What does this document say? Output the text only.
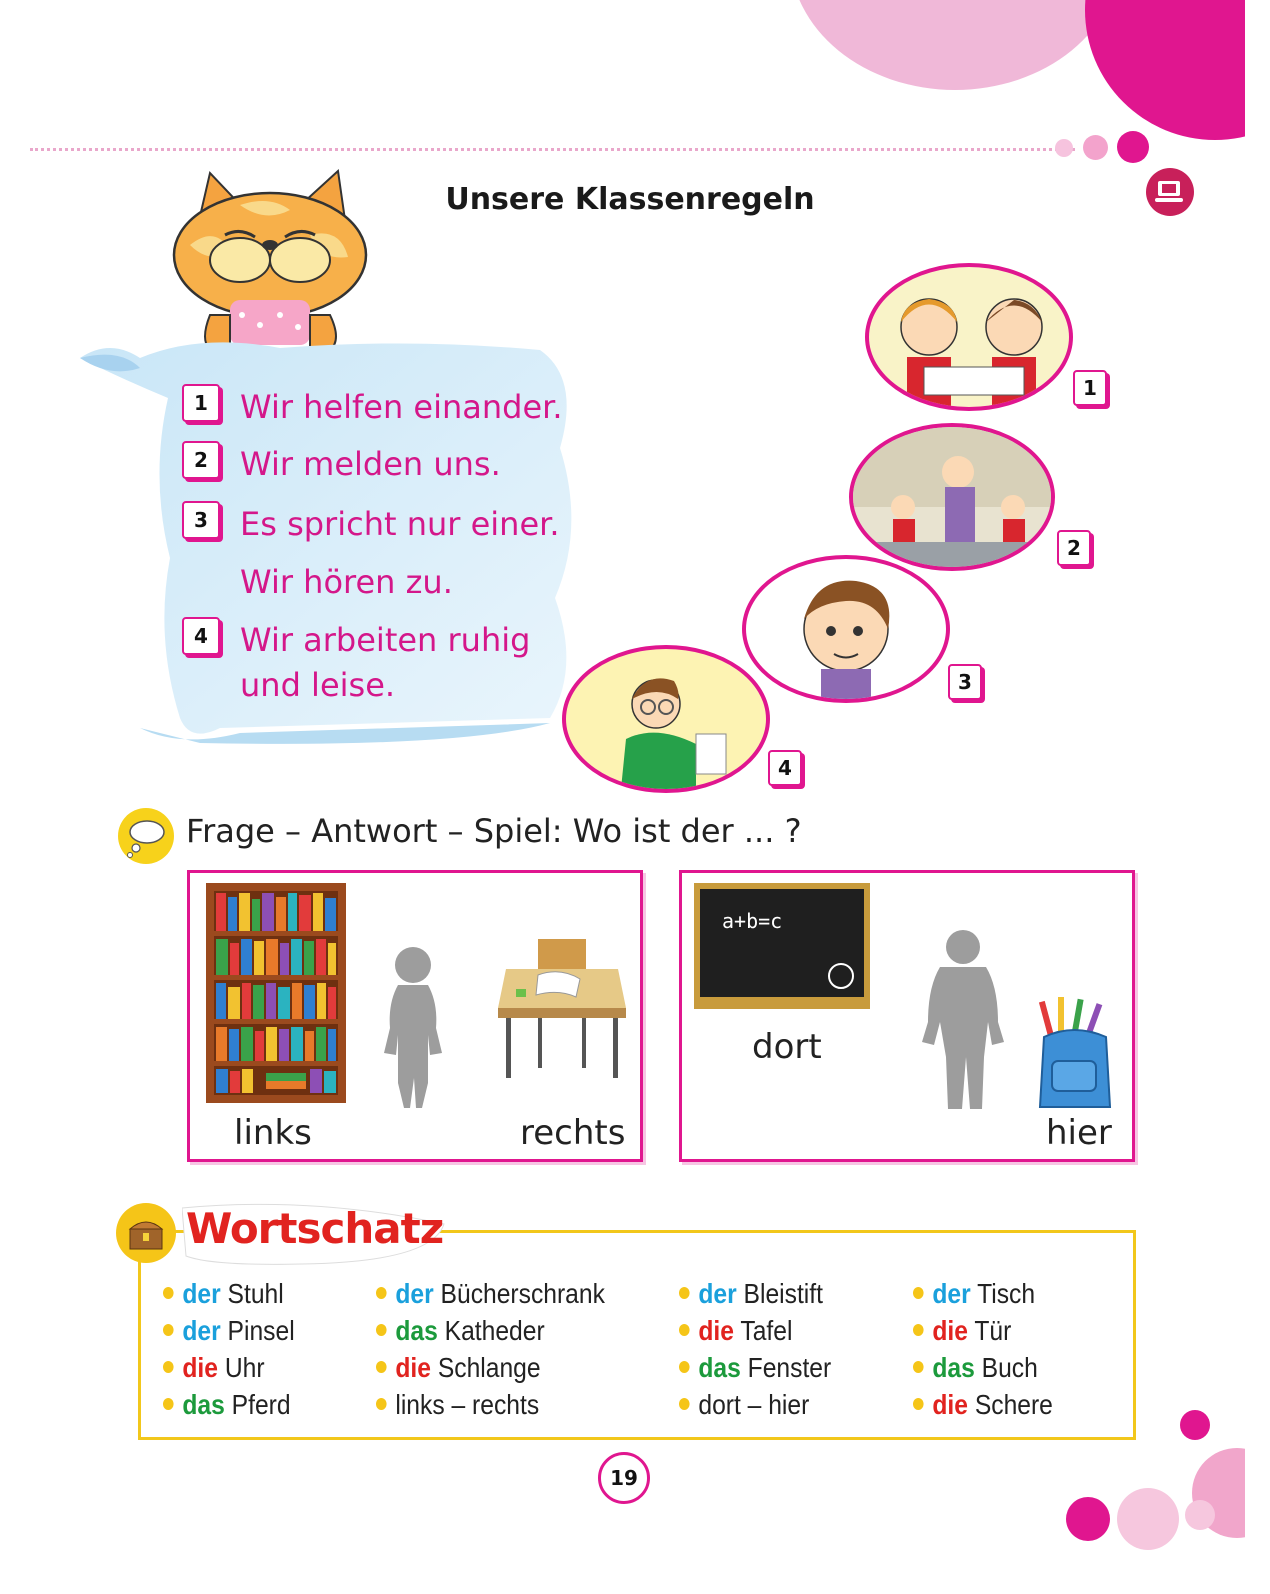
Unsere Klassenregeln
1	Wir helfen einander.
2	Wir melden uns.
3	Es spricht nur einer.
Wir hören zu.
4	Wir arbeiten ruhig
und leise.
1
2
3
4
Frage – Antwort – Spiel: Wo ist der ... ?
links	rechts
a+b=c
dort
hier
Wortschatz
der Stuhl
der Pinsel
die Uhr
das Pferd
der Bücherschrank
das Katheder
die Schlange
links – rechts
der Bleistift
die Tafel
das Fenster
dort – hier
der Tisch
die Tür
das Buch
die Schere
19
